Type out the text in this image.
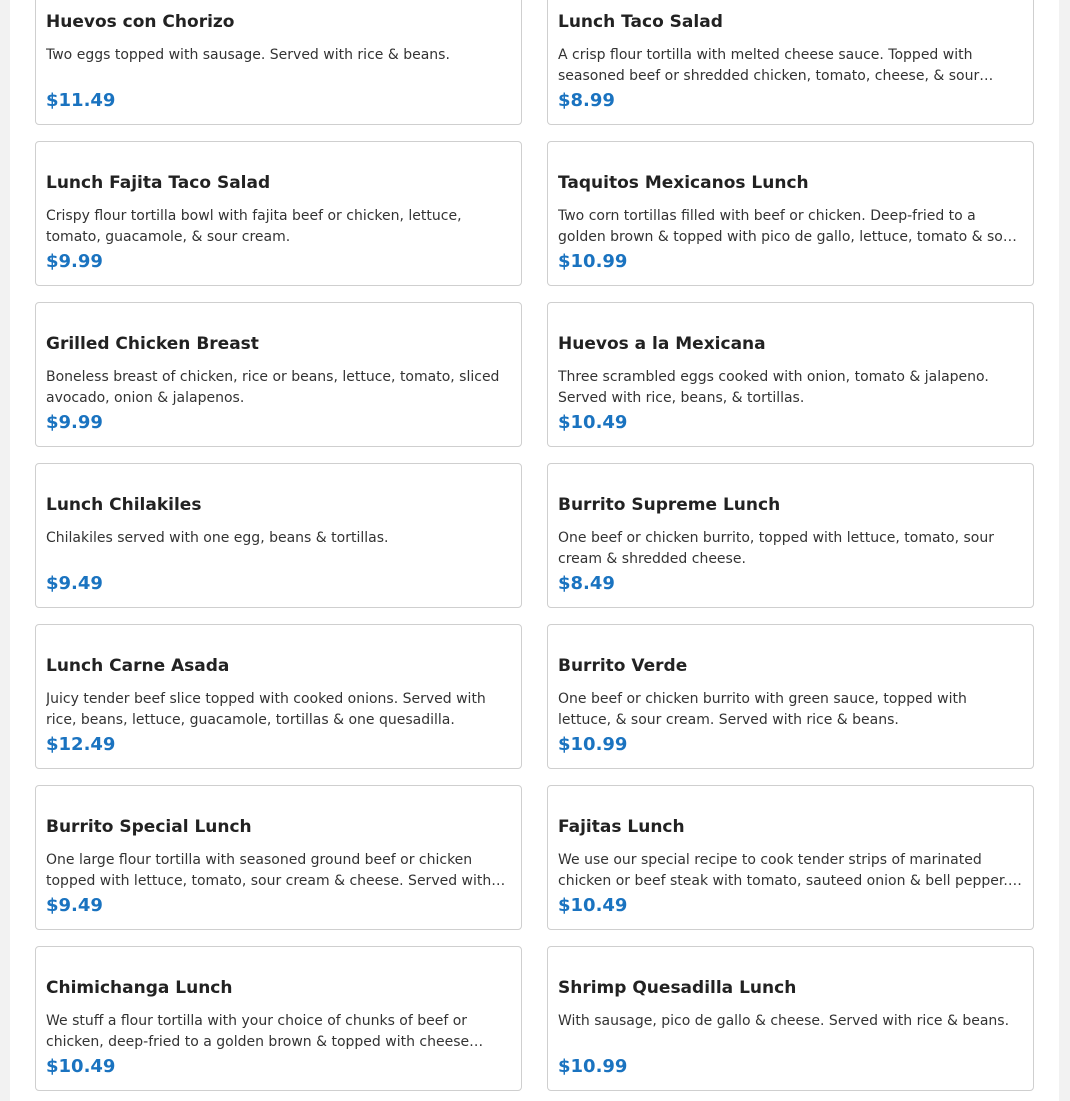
Huevos con Chorizo
Two eggs topped with sausage. Served with rice & beans.
$11.49
Lunch Taco Salad
A crisp flour tortilla with melted cheese sauce. Topped with seasoned beef or shredded chicken, tomato, cheese, & sour
$8.99
Lunch Fajita Taco Salad
Crispy flour tortilla bowl with fajita beef or chicken, lettuce, tomato, guacamole, & sour cream.
$9.99
Taquitos Mexicanos Lunch
Two corn tortillas filled with beef or chicken. Deep-fried to a golden brown & topped with pico de gallo, lettuce, tomato & sour
$10.99
Grilled Chicken Breast
Boneless breast of chicken, rice or beans, lettuce, tomato, sliced avocado, onion & jalapenos.
$9.99
Huevos a la Mexicana
Three scrambled eggs cooked with onion, tomato & jalapeno. Served with rice, beans, & tortillas.
$10.49
Lunch Chilakiles
Chilakiles served with one egg, beans & tortillas.
$9.49
Burrito Supreme Lunch
One beef or chicken burrito, topped with lettuce, tomato, sour cream & shredded cheese.
$8.49
Lunch Carne Asada
Juicy tender beef slice topped with cooked onions. Served with rice, beans, lettuce, guacamole, tortillas & one quesadilla.
$12.49
Burrito Verde
One beef or chicken burrito with green sauce, topped with lettuce, & sour cream. Served with rice & beans.
$10.99
Burrito Special Lunch
One large flour tortilla with seasoned ground beef or chicken topped with lettuce, tomato, sour cream & cheese. Served with
$9.49
Fajitas Lunch
We use our special recipe to cook tender strips of marinated chicken or beef steak with tomato, sauteed onion & bell pepper.
$10.49
Chimichanga Lunch
We stuff a flour tortilla with your choice of chunks of beef or chicken, deep-fried to a golden brown & topped with cheese
$10.49
Shrimp Quesadilla Lunch
With sausage, pico de gallo & cheese. Served with rice & beans.
$10.99
